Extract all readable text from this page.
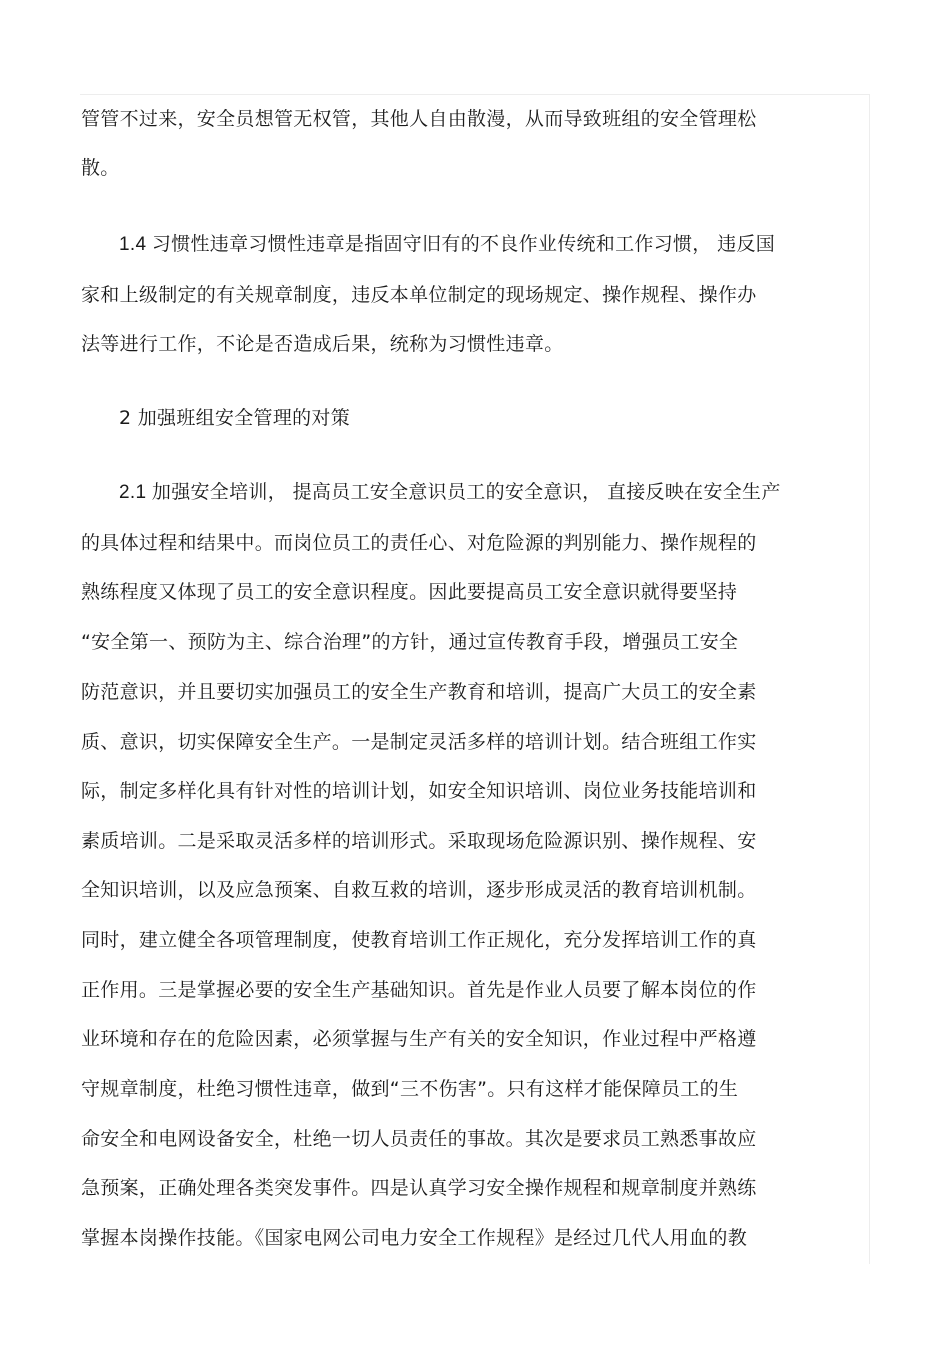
管管不过来，安全员想管无权管，其他人自由散漫，从而导致班组的安全管理松
散。
1.4 习惯性违章习惯性违章是指固守旧有的不良作业传统和工作习惯， 违反国
家和上级制定的有关规章制度，违反本单位制定的现场规定、操作规程、操作办
法等进行工作，不论是否造成后果，统称为习惯性违章。
2 加强班组安全管理的对策
2.1 加强安全培训， 提高员工安全意识员工的安全意识， 直接反映在安全生产
的具体过程和结果中。而岗位员工的责任心、对危险源的判别能力、操作规程的
熟练程度又体现了员工的安全意识程度。因此要提高员工安全意识就得要坚持
“安全第一、预防为主、综合治理”的方针，通过宣传教育手段，增强员工安全
防范意识，并且要切实加强员工的安全生产教育和培训，提高广大员工的安全素
质、意识，切实保障安全生产。一是制定灵活多样的培训计划。结合班组工作实
际，制定多样化具有针对性的培训计划，如安全知识培训、岗位业务技能培训和
素质培训。二是采取灵活多样的培训形式。采取现场危险源识别、操作规程、安
全知识培训，以及应急预案、自救互救的培训，逐步形成灵活的教育培训机制。
同时，建立健全各项管理制度，使教育培训工作正规化，充分发挥培训工作的真
正作用。三是掌握必要的安全生产基础知识。首先是作业人员要了解本岗位的作
业环境和存在的危险因素，必须掌握与生产有关的安全知识，作业过程中严格遵
守规章制度，杜绝习惯性违章，做到“三不伤害”。只有这样才能保障员工的生
命安全和电网设备安全，杜绝一切人员责任的事故。其次是要求员工熟悉事故应
急预案，正确处理各类突发事件。四是认真学习安全操作规程和规章制度并熟练
掌握本岗操作技能。《国家电网公司电力安全工作规程》是经过几代人用血的教
